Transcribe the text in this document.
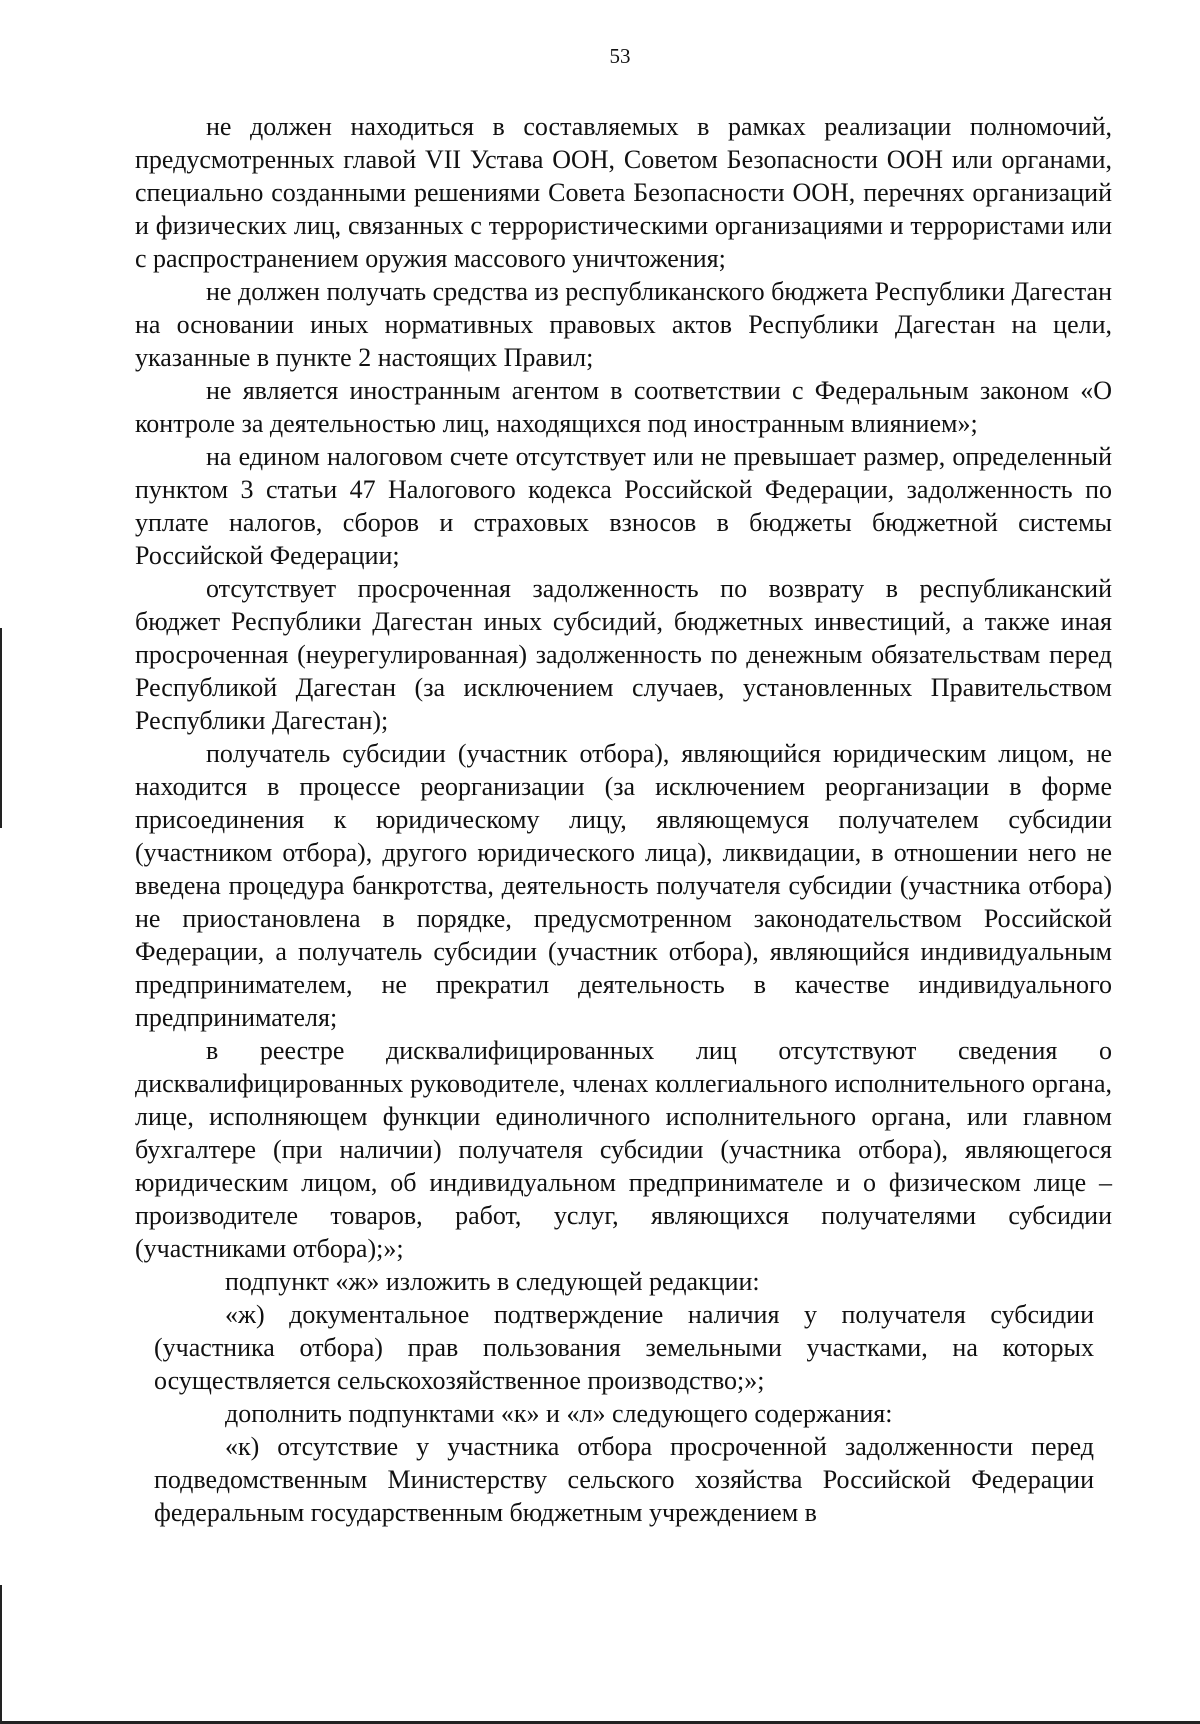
53

не должен находиться в составляемых в рамках реализации полномочий, предусмотренных главой VII Устава ООН, Советом Безопасности ООН или органами, специально созданными решениями Совета Безопасности ООН, перечнях организаций и физических лиц, связанных с террористическими организациями и террористами или с распространением оружия массового уничтожения;

не должен получать средства из республиканского бюджета Республики Дагестан на основании иных нормативных правовых актов Республики Дагестан на цели, указанные в пункте 2 настоящих Правил;

не является иностранным агентом в соответствии с Федеральным законом «О контроле за деятельностью лиц, находящихся под иностранным влиянием»;

на едином налоговом счете отсутствует или не превышает размер, определенный пунктом 3 статьи 47 Налогового кодекса Российской Федерации, задолженность по уплате налогов, сборов и страховых взносов в бюджеты бюджетной системы Российской Федерации;

отсутствует просроченная задолженность по возврату в республиканский бюджет Республики Дагестан иных субсидий, бюджетных инвестиций, а также иная просроченная (неурегулированная) задолженность по денежным обязательствам перед Республикой Дагестан (за исключением случаев, установленных Правительством Республики Дагестан);

получатель субсидии (участник отбора), являющийся юридическим лицом, не находится в процессе реорганизации (за исключением реорганизации в форме присоединения к юридическому лицу, являющемуся получателем субсидии (участником отбора), другого юридического лица), ликвидации, в отношении него не введена процедура банкротства, деятельность получателя субсидии (участника отбора) не приостановлена в порядке, предусмотренном законодательством Российской Федерации, а получатель субсидии (участник отбора), являющийся индивидуальным предпринимателем, не прекратил деятельность в качестве индивидуального предпринимателя;

в реестре дисквалифицированных лиц отсутствуют сведения о дисквалифицированных руководителе, членах коллегиального исполнительного органа, лице, исполняющем функции единоличного исполнительного органа, или главном бухгалтере (при наличии) получателя субсидии (участника отбора), являющегося юридическим лицом, об индивидуальном предпринимателе и о физическом лице – производителе товаров, работ, услуг, являющихся получателями субсидии (участниками отбора);»;

подпункт «ж» изложить в следующей редакции:

«ж) документальное подтверждение наличия у получателя субсидии (участника отбора) прав пользования земельными участками, на которых осуществляется сельскохозяйственное производство;»;

дополнить подпунктами «к» и «л» следующего содержания:

«к) отсутствие у участника отбора просроченной задолженности перед подведомственным Министерству сельского хозяйства Российской Федерации федеральным государственным бюджетным учреждением в
